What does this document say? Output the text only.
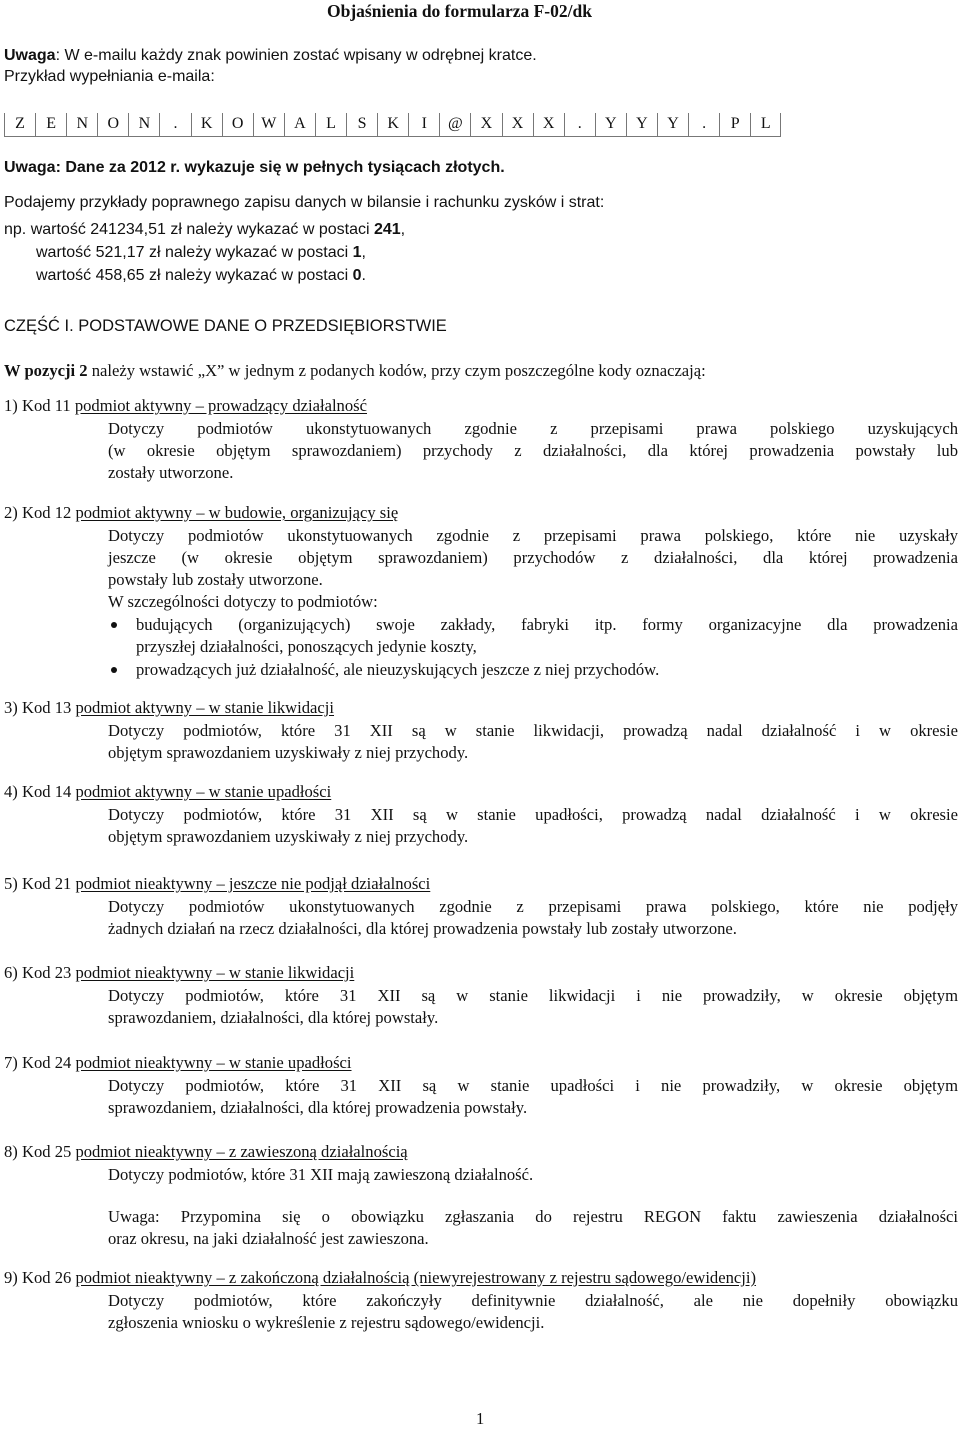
Objaśnienia do formularza F-02/dk
Uwaga: W e-mailu każdy znak powinien zostać wpisany w odrębnej kratce.
Przykład wypełniania e-maila:
Z	E	N	O	N	.	K	O	W	A	L	S	K	I	@	X	X	X	.	Y	Y	Y	.	P	L
Uwaga: Dane za 2012 r. wykazuje się w pełnych tysiącach złotych.
Podajemy przykłady poprawnego zapisu danych w bilansie i rachunku zysków i strat:
np. wartość 241234,51 zł należy wykazać w postaci 241,
wartość 521,17 zł należy wykazać w postaci 1,
wartość 458,65 zł należy wykazać w postaci 0.
CZĘŚĆ I. PODSTAWOWE DANE O PRZEDSIĘBIORSTWIE
W pozycji 2 należy wstawić „X” w jednym z podanych kodów, przy czym poszczególne kody oznaczają:
1) Kod 11 podmiot aktywny – prowadzący działalność
Dotyczy podmiotów ukonstytuowanych zgodnie z przepisami prawa polskiego uzyskujących
(w okresie objętym sprawozdaniem) przychody z działalności, dla której prowadzenia powstały lub
zostały utworzone.
2) Kod 12 podmiot aktywny – w budowie, organizujący się
Dotyczy podmiotów ukonstytuowanych zgodnie z przepisami prawa polskiego, które nie uzyskały
jeszcze (w okresie objętym sprawozdaniem) przychodów z działalności, dla której prowadzenia
powstały lub zostały utworzone.
W szczególności dotyczy to podmiotów:
budujących (organizujących) swoje zakłady, fabryki itp. formy organizacyjne dla prowadzenia
przyszłej działalności, ponoszących jedynie koszty,
prowadzących już działalność, ale nieuzyskujących jeszcze z niej przychodów.
3) Kod 13 podmiot aktywny – w stanie likwidacji
Dotyczy podmiotów, które 31 XII są w stanie likwidacji, prowadzą nadal działalność i w okresie
objętym sprawozdaniem uzyskiwały z niej przychody.
4) Kod 14 podmiot aktywny – w stanie upadłości
Dotyczy podmiotów, które 31 XII są w stanie upadłości, prowadzą nadal działalność i w okresie
objętym sprawozdaniem uzyskiwały z niej przychody.
5) Kod 21 podmiot nieaktywny – jeszcze nie podjął działalności
Dotyczy podmiotów ukonstytuowanych zgodnie z przepisami prawa polskiego, które nie podjęły
żadnych działań na rzecz działalności, dla której prowadzenia powstały lub zostały utworzone.
6) Kod 23 podmiot nieaktywny – w stanie likwidacji
Dotyczy podmiotów, które 31 XII są w stanie likwidacji i nie prowadziły, w okresie objętym
sprawozdaniem, działalności, dla której powstały.
7) Kod 24 podmiot nieaktywny – w stanie upadłości
Dotyczy podmiotów, które 31 XII są w stanie upadłości i nie prowadziły, w okresie objętym
sprawozdaniem, działalności, dla której prowadzenia powstały.
8) Kod 25 podmiot nieaktywny – z zawieszoną działalnością
Dotyczy podmiotów, które 31 XII mają zawieszoną działalność.
Uwaga: Przypomina się o obowiązku zgłaszania do rejestru REGON faktu zawieszenia działalności
oraz okresu, na jaki działalność jest zawieszona.
9) Kod 26 podmiot nieaktywny – z zakończoną działalnością (niewyrejestrowany z rejestru sądowego/ewidencji)
Dotyczy podmiotów, które zakończyły definitywnie działalność, ale nie dopełniły obowiązku
zgłoszenia wniosku o wykreślenie z rejestru sądowego/ewidencji.
1
